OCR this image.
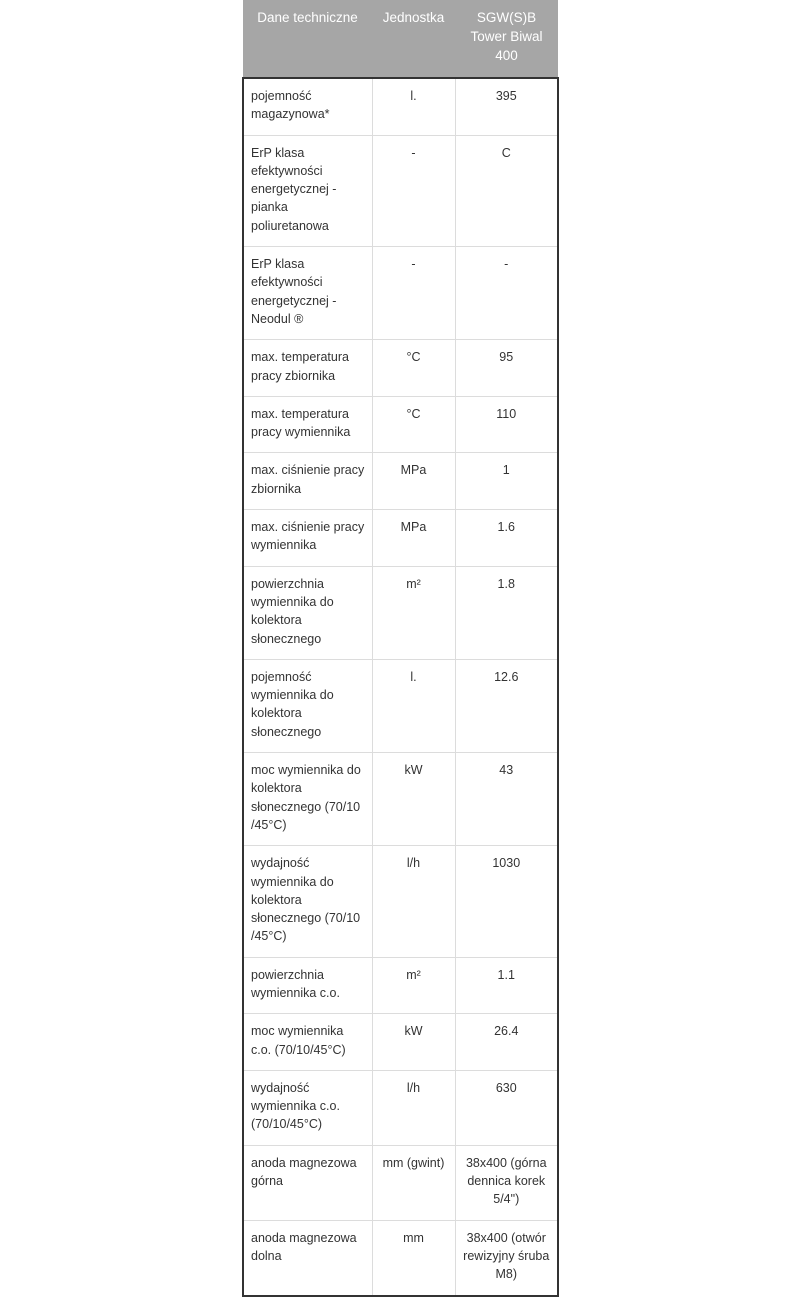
Dane techniczne	Jednostka	SGW(S)B Tower Biwal 400
pojemność magazynowa*	l.	395
ErP klasa efektywności energetycznej - pianka poliuretanowa	-	C
ErP klasa efektywności energetycznej - Neodul ®	-	-
max. temperatura pracy zbiornika	°C	95
max. temperatura pracy wymiennika	°C	110
max. ciśnienie pracy zbiornika	MPa	1
max. ciśnienie pracy wymiennika	MPa	1.6
powierzchnia wymiennika do kolektora słonecznego	m²	1.8
pojemność wymiennika do kolektora słonecznego	l.	12.6
moc wymiennika do kolektora słonecznego (70/10 /45°C)	kW	43
wydajność wymiennika do kolektora słonecznego (70/10 /45°C)	l/h	1030
powierzchnia wymiennika c.o.	m²	1.1
moc wymiennika c.o. (70/10/45°C)	kW	26.4
wydajność wymiennika c.o. (70/10/45°C)	l/h	630
anoda magnezowa górna	mm (gwint)	38x400 (górna dennica korek 5/4")
anoda magnezowa dolna	mm	38x400 (otwór rewizyjny śruba M8)
